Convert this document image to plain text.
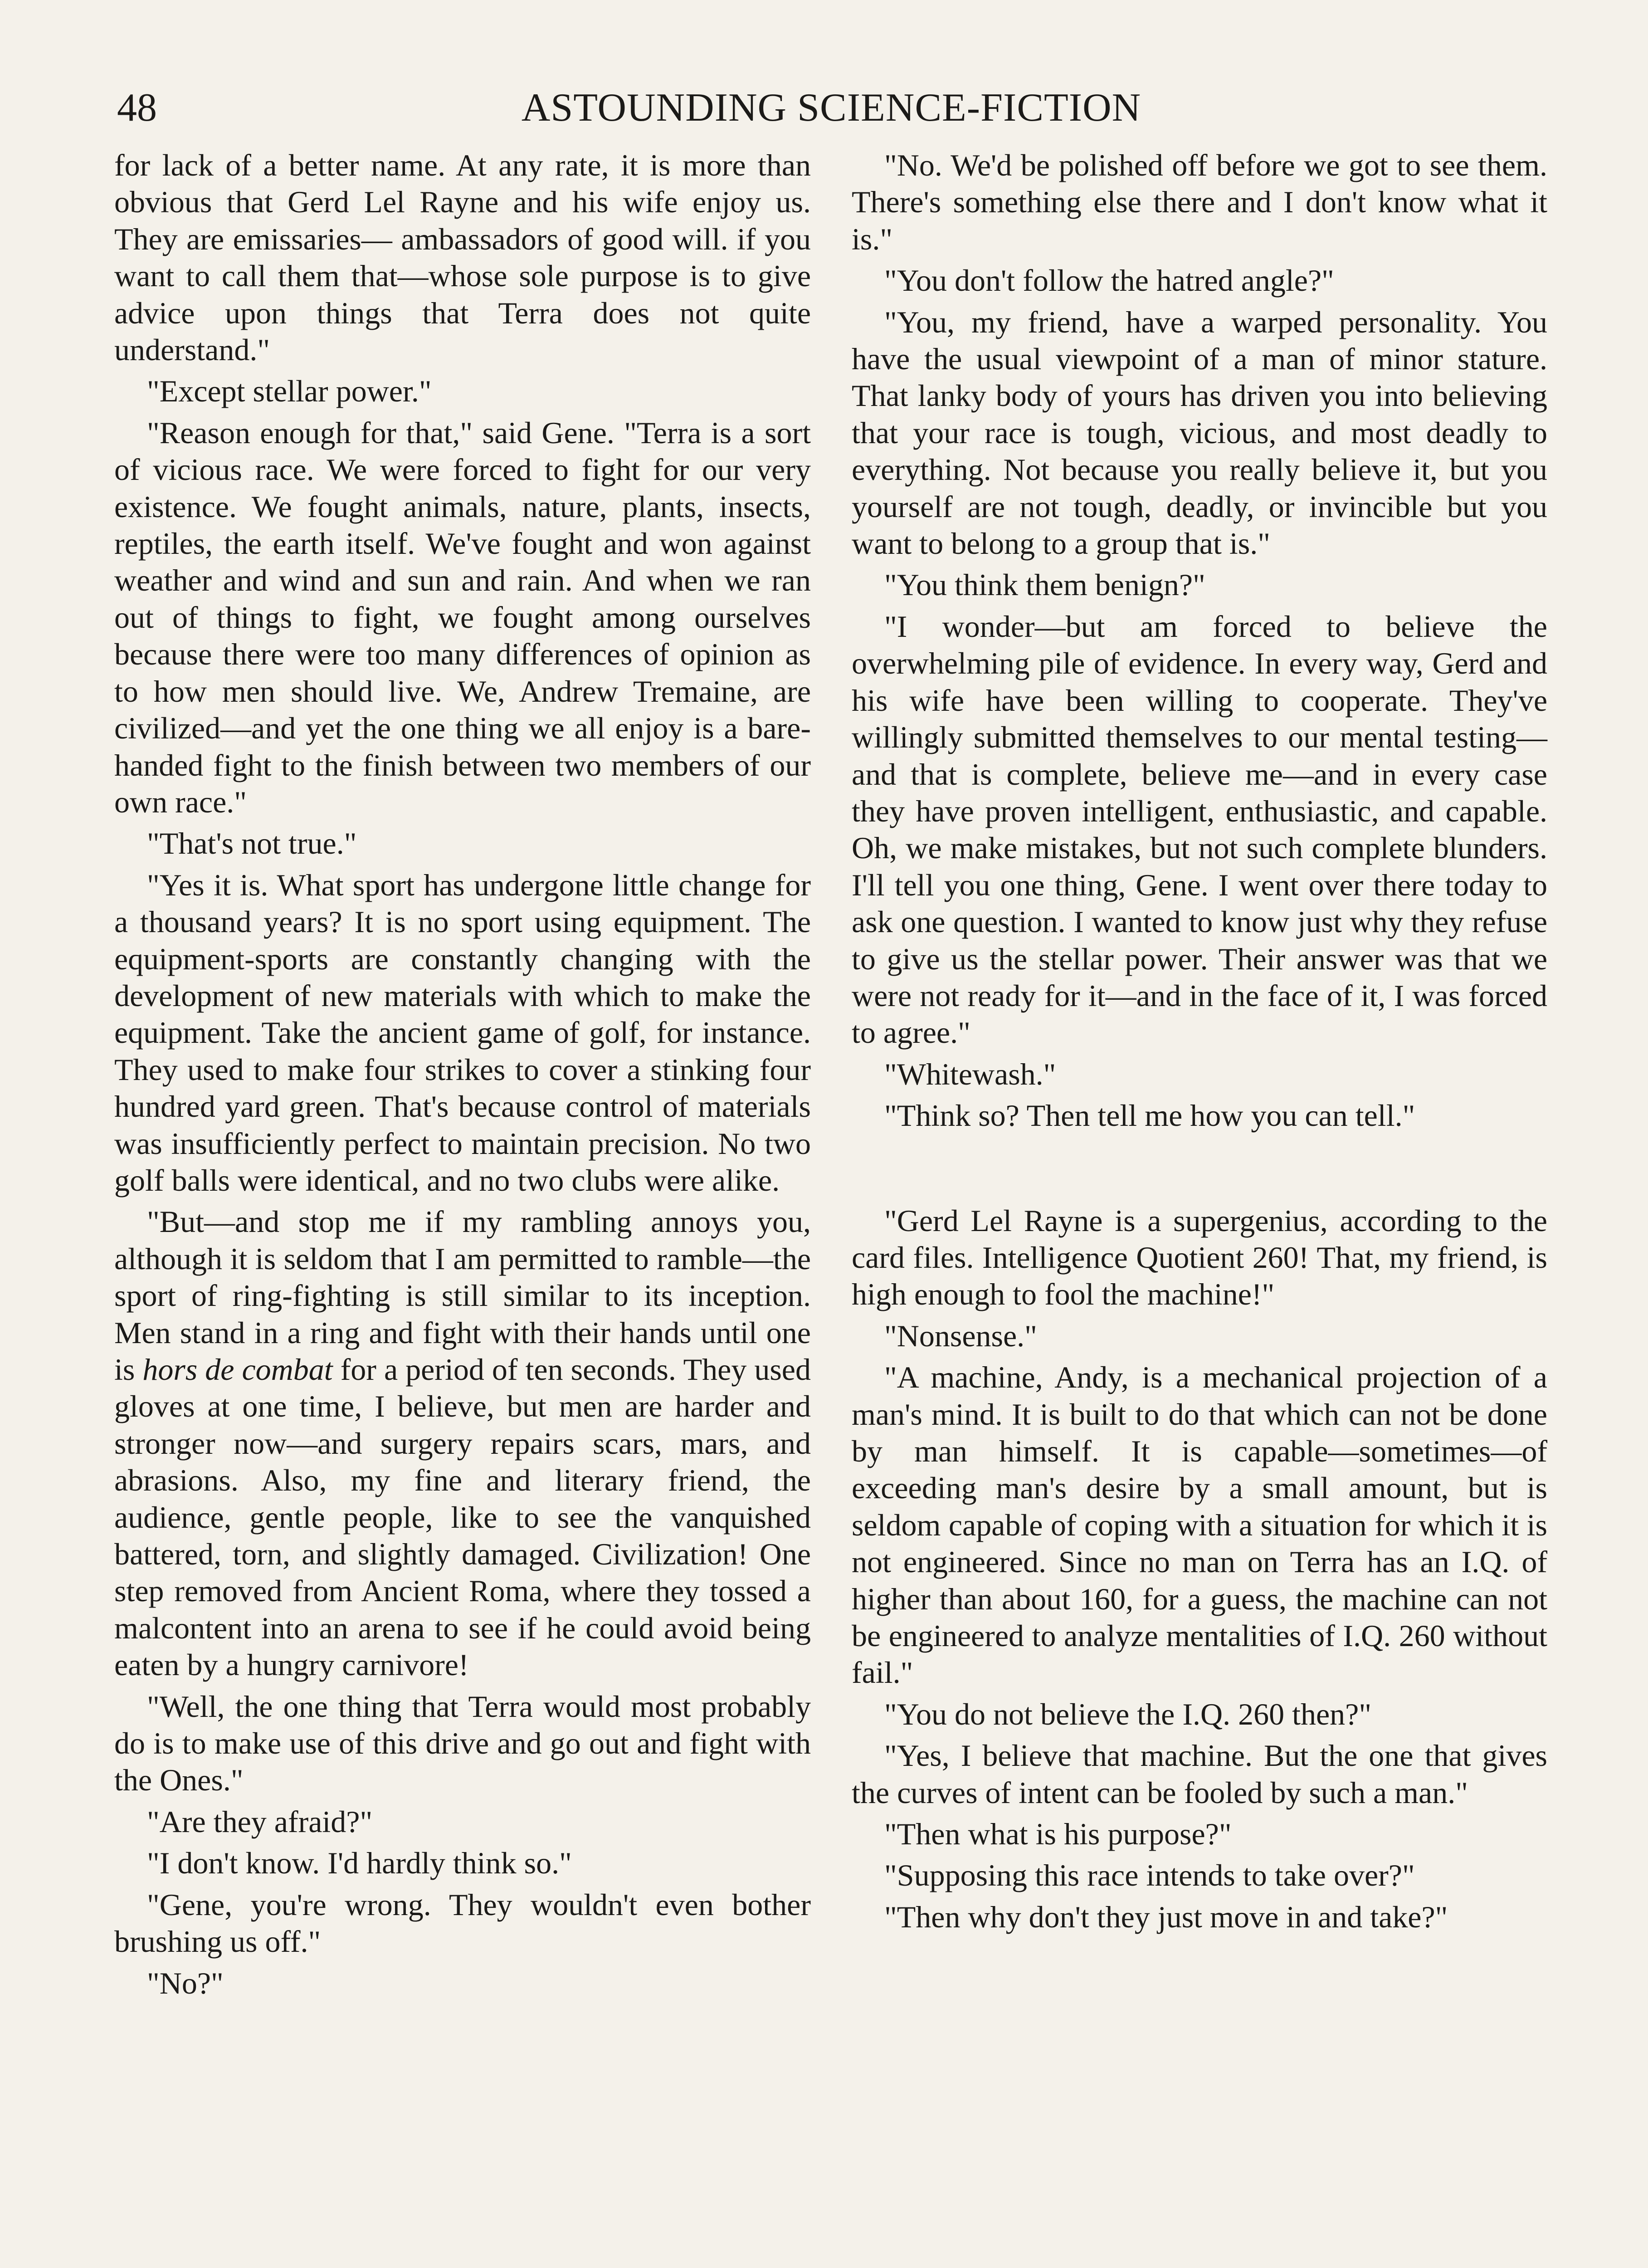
48	ASTOUNDING SCIENCE-FICTION

for lack of a better name. At any rate, it is more than obvious that Gerd Lel Rayne and his wife enjoy us. They are emissaries— ambassadors of good will. if you want to call them that—whose sole purpose is to give advice upon things that Terra does not quite understand."

"Except stellar power."

"Reason enough for that," said Gene. "Terra is a sort of vicious race. We were forced to fight for our very existence. We fought animals, nature, plants, insects, reptiles, the earth itself. We've fought and won against weather and wind and sun and rain. And when we ran out of things to fight, we fought among ourselves because there were too many differences of opinion as to how men should live. We, Andrew Tremaine, are civilized—and yet the one thing we all enjoy is a bare-handed fight to the finish between two members of our own race."

"That's not true."

"Yes it is. What sport has undergone little change for a thousand years? It is no sport using equipment. The equipment-sports are constantly changing with the development of new materials with which to make the equipment. Take the ancient game of golf, for instance. They used to make four strikes to cover a stinking four hundred yard green. That's because control of materials was insufficiently perfect to maintain precision. No two golf balls were identical, and no two clubs were alike.

"But—and stop me if my rambling annoys you, although it is seldom that I am permitted to ramble—the sport of ring-fighting is still similar to its inception. Men stand in a ring and fight with their hands until one is hors de combat for a period of ten seconds. They used gloves at one time, I believe, but men are harder and stronger now—and surgery repairs scars, mars, and abrasions. Also, my fine and literary friend, the audience, gentle people, like to see the vanquished battered, torn, and slightly damaged. Civilization! One step removed from Ancient Roma, where they tossed a malcontent into an arena to see if he could avoid being eaten by a hungry carnivore!

"Well, the one thing that Terra would most probably do is to make use of this drive and go out and fight with the Ones."

"Are they afraid?"

"I don't know. I'd hardly think so."

"Gene, you're wrong. They wouldn't even bother brushing us off."

"No?"

"No. We'd be polished off before we got to see them. There's something else there and I don't know what it is."

"You don't follow the hatred angle?"

"You, my friend, have a warped personality. You have the usual viewpoint of a man of minor stature. That lanky body of yours has driven you into believing that your race is tough, vicious, and most deadly to everything. Not because you really believe it, but you yourself are not tough, deadly, or invincible but you want to belong to a group that is."

"You think them benign?"

"I wonder—but am forced to believe the overwhelming pile of evidence. In every way, Gerd and his wife have been willing to cooperate. They've willingly submitted themselves to our mental testing—and that is complete, believe me—and in every case they have proven intelligent, enthusiastic, and capable. Oh, we make mistakes, but not such complete blunders. I'll tell you one thing, Gene. I went over there today to ask one question. I wanted to know just why they refuse to give us the stellar power. Their answer was that we were not ready for it—and in the face of it, I was forced to agree."

"Whitewash."

"Think so? Then tell me how you can tell."

"Gerd Lel Rayne is a supergenius, according to the card files. Intelligence Quotient 260! That, my friend, is high enough to fool the machine!"

"Nonsense."

"A machine, Andy, is a mechanical projection of a man's mind. It is built to do that which can not be done by man himself. It is capable—sometimes—of exceeding man's desire by a small amount, but is seldom capable of coping with a situation for which it is not engineered. Since no man on Terra has an I.Q. of higher than about 160, for a guess, the machine can not be engineered to analyze mentalities of I.Q. 260 without fail."

"You do not believe the I.Q. 260 then?"

"Yes, I believe that machine. But the one that gives the curves of intent can be fooled by such a man."

"Then what is his purpose?"

"Supposing this race intends to take over?"

"Then why don't they just move in and take?"
